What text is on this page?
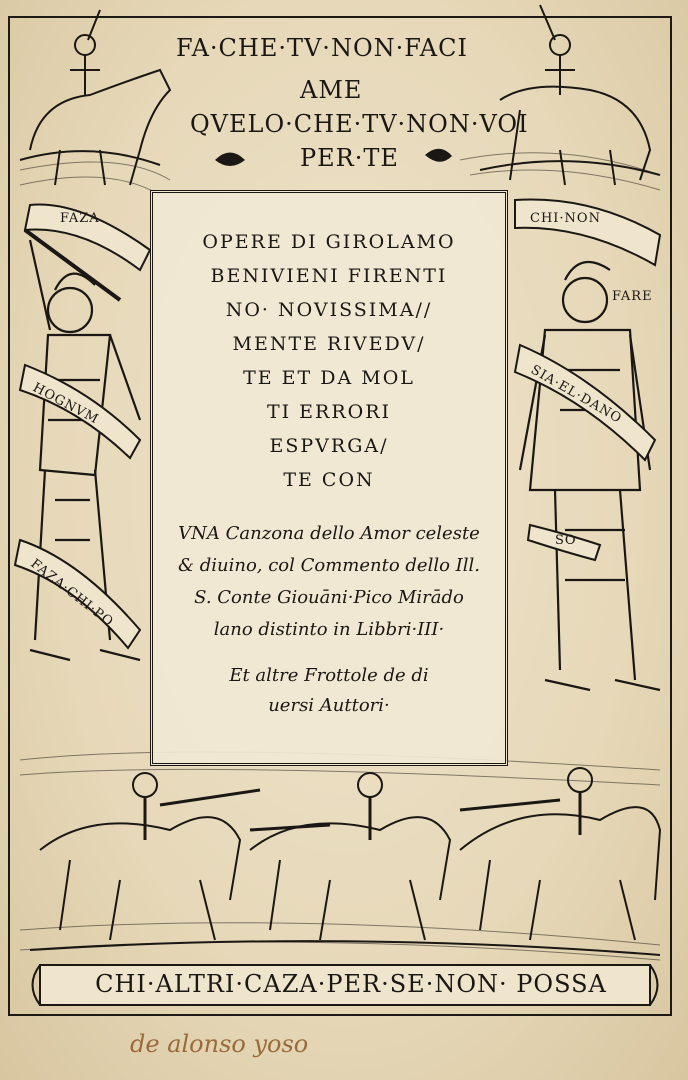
FAZA
HOGNVM
FAZA·CHI·PO
CHI·NON
FARE
SIA·EL·DANO
SO
FA·CHE·TV·NON·FACI
AME
QVELO·CHE·TV·NON·VOI
PER·TE
OPERE DI GIROLAMO
BENIVIENI FIRENTI
NO· NOVISSIMA//
MENTE RIVEDV/
TE ET DA MOL
TI ERRORI
ESPVRGA/
TE CON
VNA Canzona dello Amor celeste
& diuino, col Commento dello Ill.
S. Conte Giouāni·Pico Mirādo
lano distinto in Libbri·III·
Et altre Frottole de di
uersi Auttori·
CHI·ALTRI·CAZA·PER·SE·NON· POSSA
de alonso yoso
